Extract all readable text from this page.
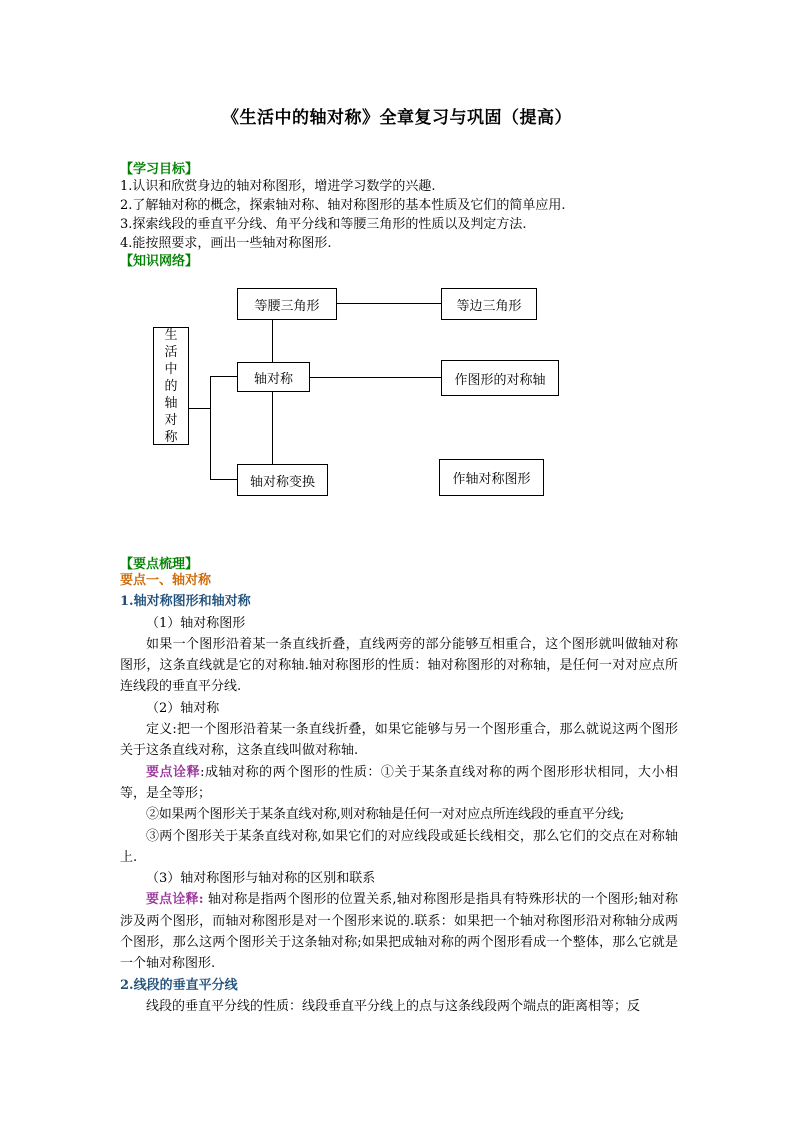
《生活中的轴对称》全章复习与巩固（提高）
【学习目标】
1.认识和欣赏身边的轴对称图形，增进学习数学的兴趣.
2.了解轴对称的概念，探索轴对称、轴对称图形的基本性质及它们的简单应用.
3.探索线段的垂直平分线、角平分线和等腰三角形的性质以及判定方法.
4.能按照要求，画出一些轴对称图形.
【知识网络】
生
活
中
的
轴
对
称
等腰三角形	等边三角形
轴对称	作图形的对称轴
轴对称变换	作轴对称图形
【要点梳理】
要点一、轴对称
1.轴对称图形和轴对称
（1）轴对称图形
如果一个图形沿着某一条直线折叠，直线两旁的部分能够互相重合，这个图形就叫做轴对称图形，这条直线就是它的对称轴.轴对称图形的性质：轴对称图形的对称轴，是任何一对对应点所连线段的垂直平分线.
（2）轴对称
定义:把一个图形沿着某一条直线折叠，如果它能够与另一个图形重合，那么就说这两个图形关于这条直线对称，这条直线叫做对称轴.
要点诠释:成轴对称的两个图形的性质：①关于某条直线对称的两个图形形状相同，大小相等，是全等形；
②如果两个图形关于某条直线对称,则对称轴是任何一对对应点所连线段的垂直平分线;
③两个图形关于某条直线对称,如果它们的对应线段或延长线相交，那么它们的交点在对称轴上.
（3）轴对称图形与轴对称的区别和联系
要点诠释: 轴对称是指两个图形的位置关系,轴对称图形是指具有特殊形状的一个图形;轴对称涉及两个图形，而轴对称图形是对一个图形来说的.联系：如果把一个轴对称图形沿对称轴分成两个图形，那么这两个图形关于这条轴对称;如果把成轴对称的两个图形看成一个整体，那么它就是一个轴对称图形.
2.线段的垂直平分线
线段的垂直平分线的性质：线段垂直平分线上的点与这条线段两个端点的距离相等；反
